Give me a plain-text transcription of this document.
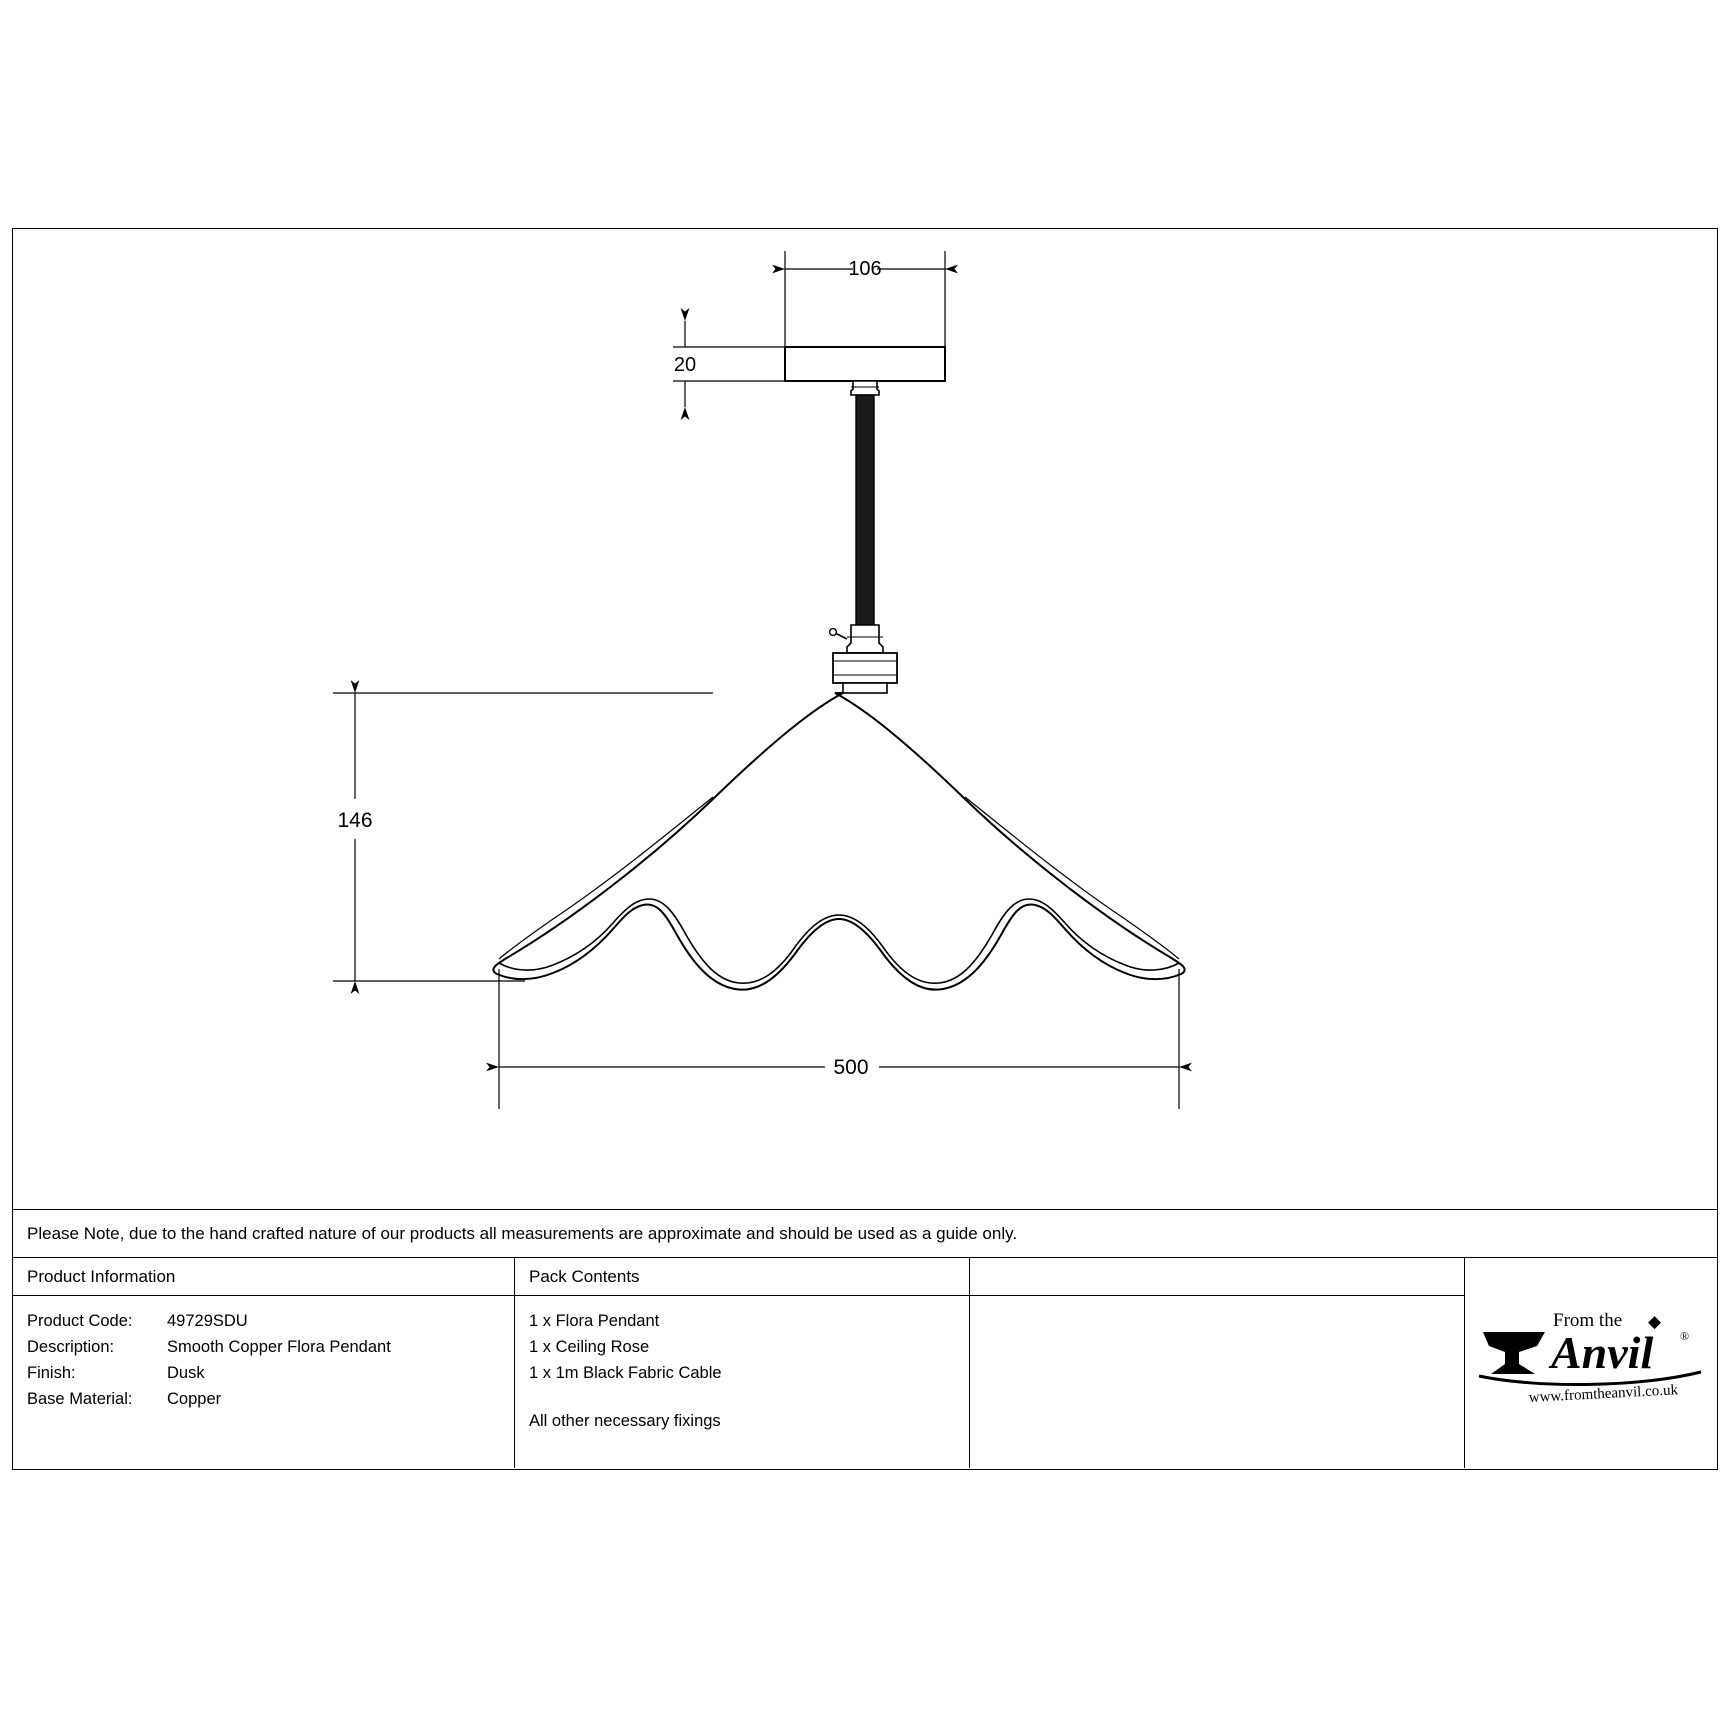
106
20
146
500
Please Note, due to the hand crafted nature of our products all measurements are approximate and should be used as a guide only.
Product Information
Product Code:	49729SDU
Description:	Smooth Copper Flora Pendant
Finish:	Dusk
Base Material:	Copper
Pack Contents
1 x Flora Pendant
1 x Ceiling Rose
1 x 1m Black Fabric Cable
All other necessary fixings
From the ◆
Anvil ®
www.fromtheanvil.co.uk
